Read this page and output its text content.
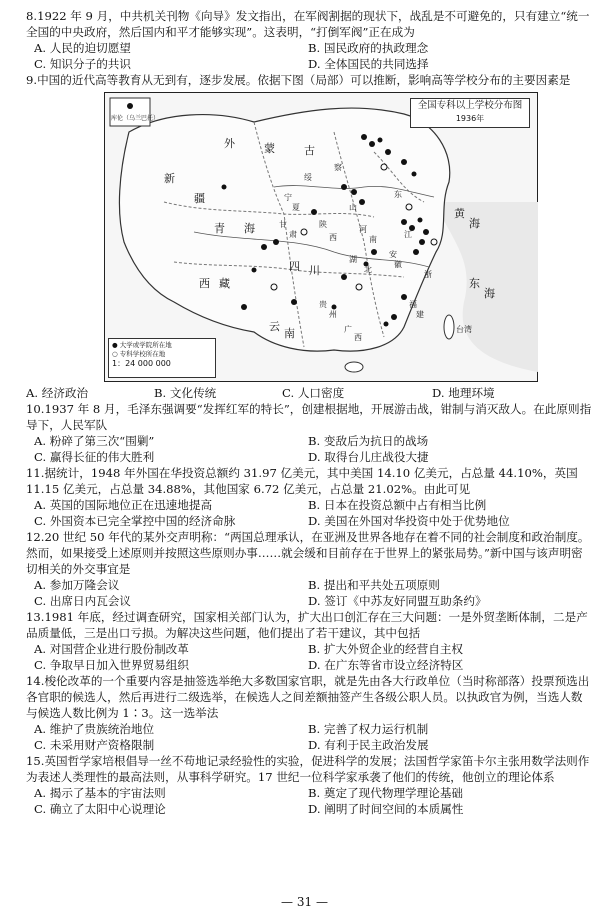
8.1922 年 9 月，中共机关刊物《向导》发文指出，在军阀割据的现状下，战乱是不可避免的，只有建立“统一全国的中央政府，然后国内和平才能够实现”。这表明，“打倒军阀”正在成为
A. 人民的迫切愿望	B. 国民政府的执政理念
C. 知识分子的共识	D. 全体国民的共同选择
9.中国的近代高等教育从无到有，逐步发展。依据下图（局部）可以推断，影响高等学校分布的主要因素是
外	蒙	古
新
疆
察
绥
宁
夏
青 海	陕
西
山
东
河
南
甘
肃
四 川
湖
北
贵
州
云
南	广
西
江
浙
福
建
安
徽
西 藏
黄
海
东
海
台湾
库伦（乌兰巴托）
全国专科以上学校分布图
1936年
● 大学或学院所在地
○ 专科学校所在地
1：24 000 000
A. 经济政治	B. 文化传统	C. 人口密度	D. 地理环境
10.1937 年 8 月，毛泽东强调要“发挥红军的特长”，创建根据地，开展游击战，钳制与消灭敌人。在此原则指导下，人民军队
A. 粉碎了第三次“围剿”	B. 变敌后为抗日的战场
C. 赢得长征的伟大胜利	D. 取得台儿庄战役大捷
11.据统计，1948 年外国在华投资总额约 31.97 亿美元，其中美国 14.10 亿美元，占总量 44.10%，英国 11.15 亿美元，占总量 34.88%，其他国家 6.72 亿美元，占总量 21.02%。由此可见
A. 英国的国际地位正在迅速地提高	B. 日本在投资总额中占有相当比例
C. 外国资本已完全掌控中国的经济命脉	D. 美国在外国对华投资中处于优势地位
12.20 世纪 50 年代的某外交声明称：“两国总理承认，在亚洲及世界各地存在着不同的社会制度和政治制度。然而，如果接受上述原则并按照这些原则办事……就会缓和目前存在于世界上的紧张局势。”新中国与该声明密切相关的外交事宜是
A. 参加万隆会议	B. 提出和平共处五项原则
C. 出席日内瓦会议	D. 签订《中苏友好同盟互助条约》
13.1981 年底，经过调查研究，国家相关部门认为，扩大出口创汇存在三大问题：一是外贸垄断体制，二是产品质量低，三是出口亏损。为解决这些问题，他们提出了若干建议，其中包括
A. 对国营企业进行股份制改革	B. 扩大外贸企业的经营自主权
C. 争取早日加入世界贸易组织	D. 在广东等省市设立经济特区
14.梭伦改革的一个重要内容是抽签选举绝大多数国家官职，就是先由各大行政单位（当时称部落）投票预选出各官职的候选人，然后再进行二级选举，在候选人之间差额抽签产生各级公职人员。以执政官为例，当选人数与候选人数比例为 1∶3。这一选举法
A. 维护了贵族统治地位	B. 完善了权力运行机制
C. 未采用财产资格限制	D. 有利于民主政治发展
15.英国哲学家培根倡导一丝不苟地记录经验性的实验，促进科学的发展；法国哲学家笛卡尔主张用数学法则作为表述人类理性的最高法则，从事科学研究。17 世纪一位科学家承袭了他们的传统，他创立的理论体系
A. 揭示了基本的宇宙法则	B. 奠定了现代物理学理论基础
C. 确立了太阳中心说理论	D. 阐明了时间空间的本质属性
— 31 —
